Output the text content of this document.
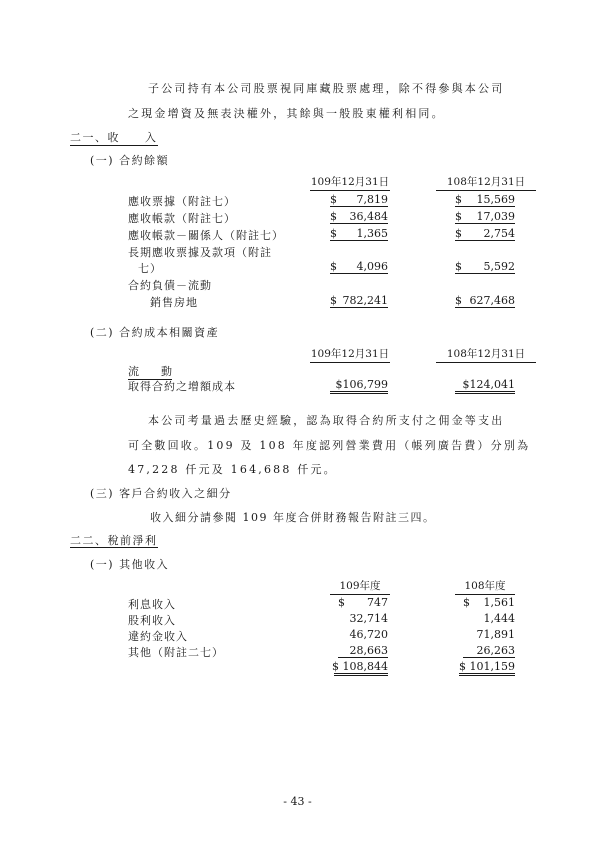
子公司持有本公司股票視同庫藏股票處理，除不得參與本公司
之現金增資及無表決權外，其餘與一般股東權利相同。
二一、收　　入
(一) 合約餘額
109年12月31日	108年12月31日
應收票據（附註七）	$	7,819	$	15,569
應收帳款（附註七）	$	36,484	$	17,039
應收帳款－關係人（附註七）	$	1,365	$	2,754
長期應收票據及款項（附註
七）	$	4,096	$	5,592
合約負債－流動
銷售房地	$ 782,241	$ 627,468
(二) 合約成本相關資產
109年12月31日	108年12月31日
流　　動
取得合約之增額成本	$106,799	$124,041
本公司考量過去歷史經驗，認為取得合約所支付之佣金等支出
可全數回收。109 及 108 年度認列營業費用（帳列廣告費）分別為
47,228 仟元及 164,688 仟元。
(三) 客戶合約收入之細分
收入細分請參閱 109 年度合併財務報告附註三四。
二二、稅前淨利
(一) 其他收入
109年度	108年度
利息收入	$	747	$	1,561
股利收入	32,714	1,444
違約金收入	46,720	71,891
其他（附註二七）	28,663	26,263
$ 108,844	$ 101,159
- 43 -
